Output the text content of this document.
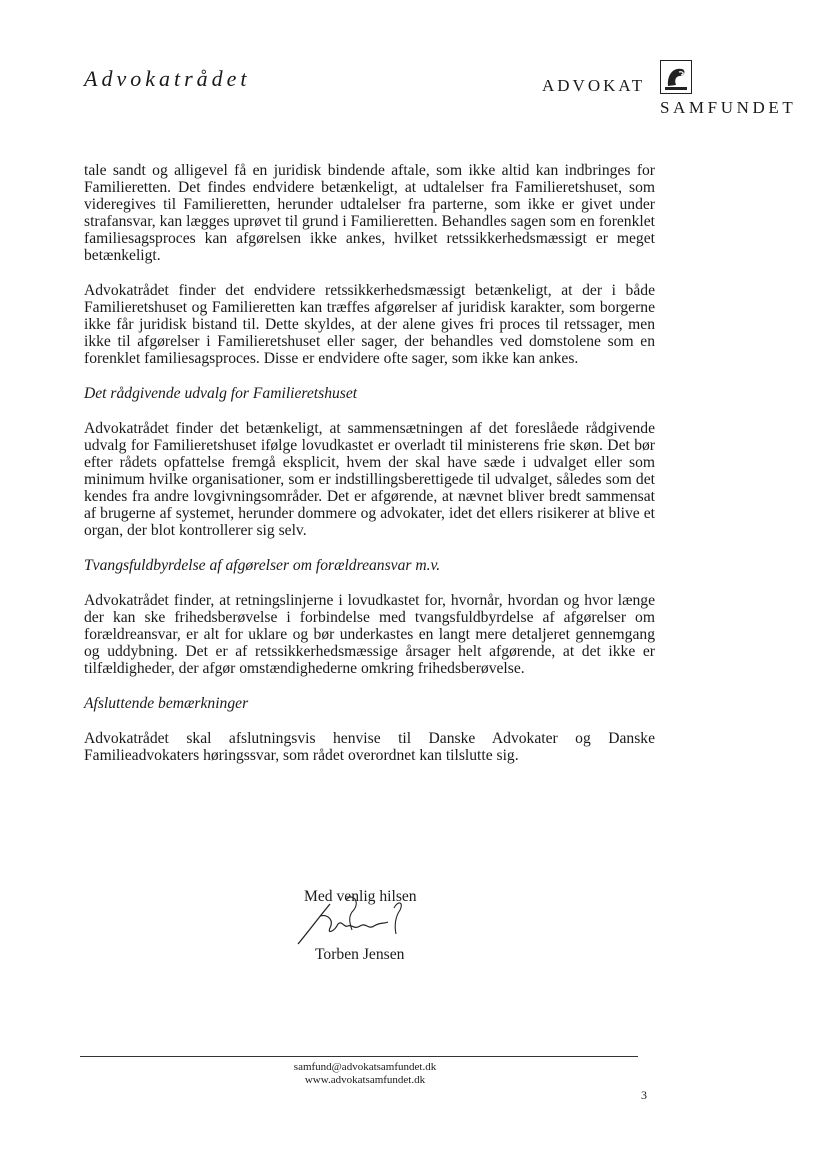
Advokatrådet	ADVOKAT
SAMFUNDET

tale sandt og alligevel få en juridisk bindende aftale, som ikke altid kan indbringes for Familieretten. Det findes endvidere betænkeligt, at udtalelser fra Familieretshuset, som videregives til Familieretten, herunder udtalelser fra parterne, som ikke er givet under strafansvar, kan lægges uprøvet til grund i Familieretten. Behandles sagen som en forenklet familiesagsproces kan afgørelsen ikke ankes, hvilket retssikkerhedsmæssigt er meget betænkeligt.

Advokatrådet finder det endvidere retssikkerhedsmæssigt betænkeligt, at der i både Familieretshuset og Familieretten kan træffes afgørelser af juridisk karakter, som borgerne ikke får juridisk bistand til. Dette skyldes, at der alene gives fri proces til retssager, men ikke til afgørelser i Familieretshuset eller sager, der behandles ved domstolene som en forenklet familiesagsproces. Disse er endvidere ofte sager, som ikke kan ankes.

Det rådgivende udvalg for Familieretshuset

Advokatrådet finder det betænkeligt, at sammensætningen af det foreslåede rådgivende udvalg for Familieretshuset ifølge lovudkastet er overladt til ministerens frie skøn. Det bør efter rådets opfattelse fremgå eksplicit, hvem der skal have sæde i udvalget eller som minimum hvilke organisationer, som er indstillingsberettigede til udvalget, således som det kendes fra andre lovgivningsområder. Det er afgørende, at nævnet bliver bredt sammensat af brugerne af systemet, herunder dommere og advokater, idet det ellers risikerer at blive et organ, der blot kontrollerer sig selv.

Tvangsfuldbyrdelse af afgørelser om forældreansvar m.v.

Advokatrådet finder, at retningslinjerne i lovudkastet for, hvornår, hvordan og hvor længe der kan ske frihedsberøvelse i forbindelse med tvangsfuldbyrdelse af afgørelser om forældreansvar, er alt for uklare og bør underkastes en langt mere detaljeret gennemgang og uddybning. Det er af retssikkerhedsmæssige årsager helt afgørende, at det ikke er tilfældigheder, der afgør omstændighederne omkring frihedsberøvelse.

Afsluttende bemærkninger

Advokatrådet skal afslutningsvis henvise til Danske Advokater og Danske Familieadvokaters høringssvar, som rådet overordnet kan tilslutte sig.

Med venlig hilsen
Torben Jensen
samfund@advokatsamfundet.dk
www.advokatsamfundet.dk
3
